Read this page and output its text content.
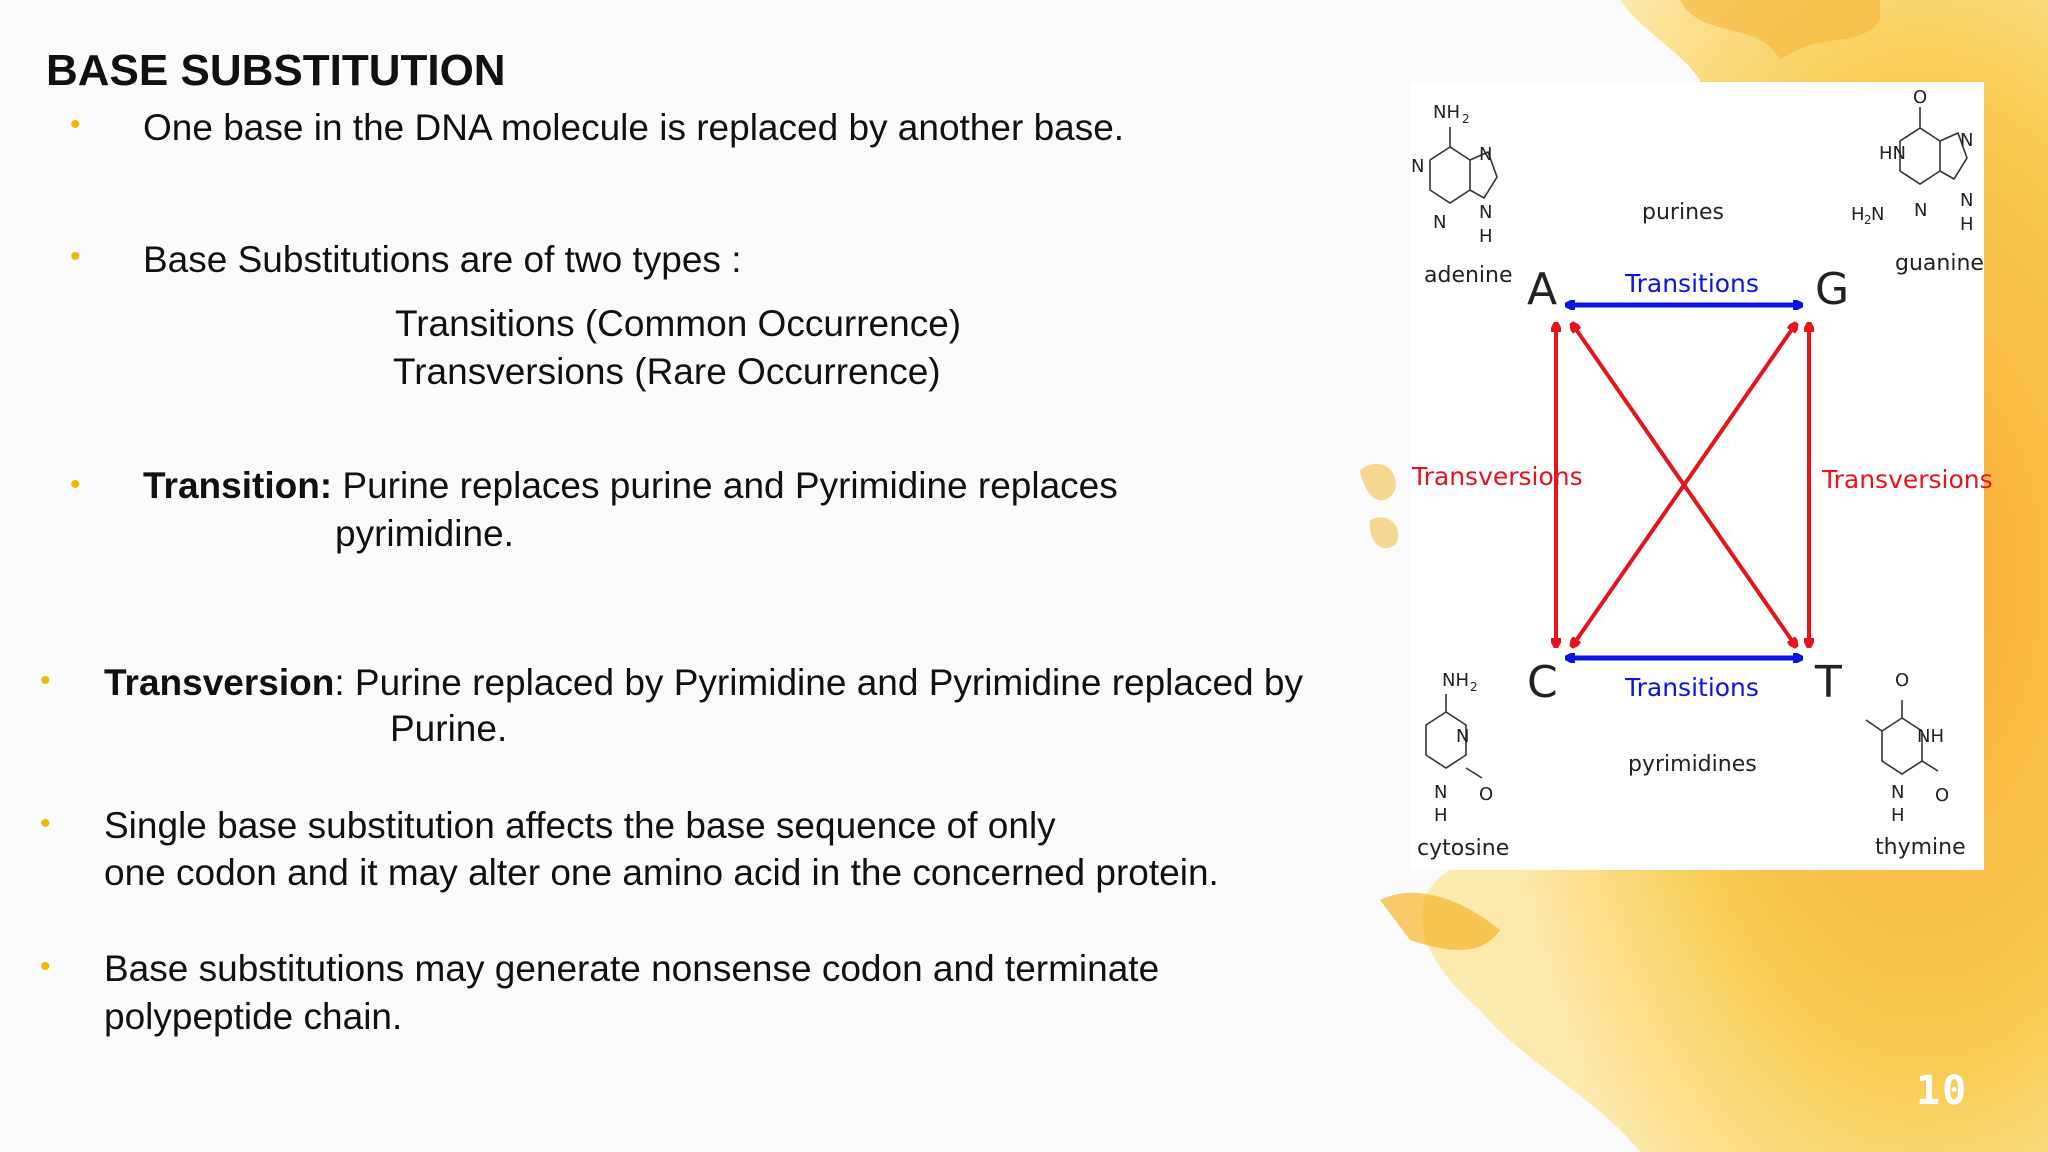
BASE SUBSTITUTION
• One base in the DNA molecule is replaced by another base.
• Base Substitutions are of two types :
Transitions (Common Occurrence)
Transversions (Rare Occurrence)
• Transition: Purine replaces purine and Pyrimidine replaces
pyrimidine.
• Transversion: Purine replaced by Pyrimidine and Pyrimidine replaced by
Purine.
• Single base substitution affects the base sequence of only
one codon and it may alter one amino acid in the concerned protein.
• Base substitutions may generate nonsense codon and terminate
polypeptide chain.
purines
pyrimidines
A	G
C	T
adenine	guanine
cytosine	thymine
Transitions
Transitions
Transversions	Transversions
NH 2
N
N
N
N
H
O
HN
H 2 N N
N
N
H
NH 2
N
N
H
O
O
NH
N
H
O
10
